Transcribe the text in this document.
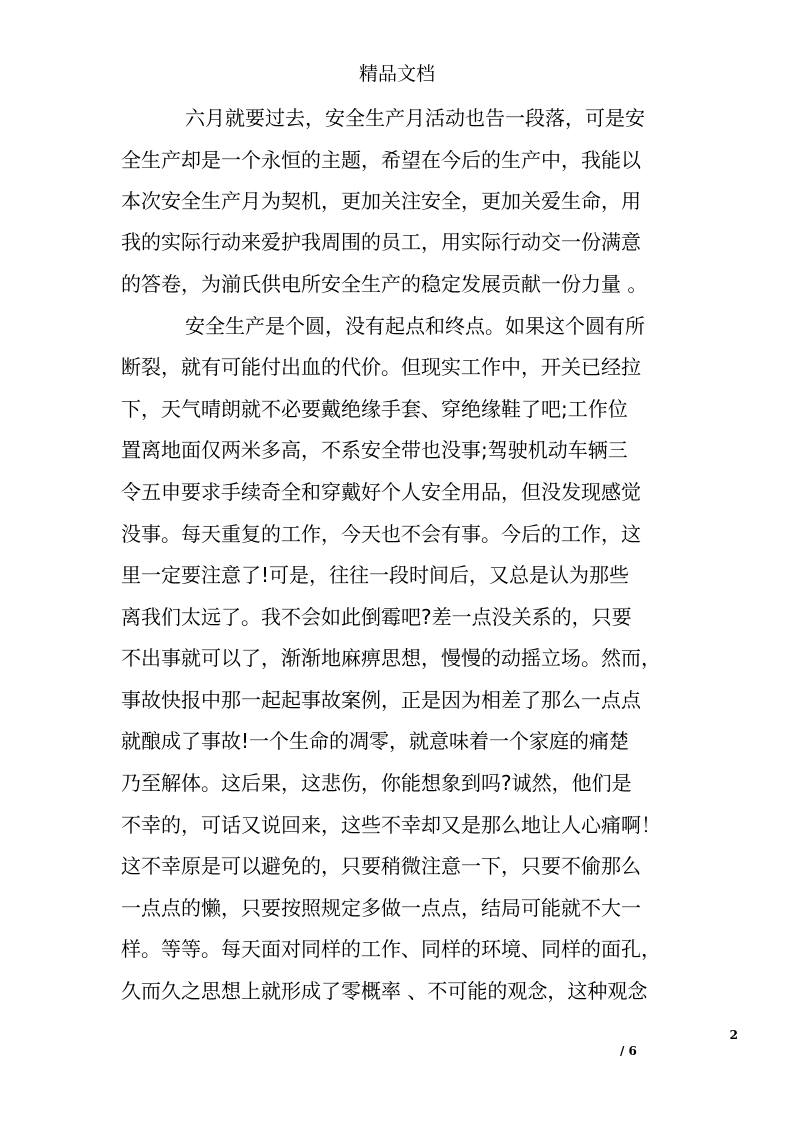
精品文档
六月就要过去，安全生产月活动也告一段落，可是安
全生产却是一个永恒的主题，希望在今后的生产中，我能以
本次安全生产月为契机，更加关注安全，更加关爱生命，用
我的实际行动来爱护我周围的员工，用实际行动交一份满意
的答卷，为湔氏供电所安全生产的稳定发展贡献一份力量 。
安全生产是个圆，没有起点和终点。如果这个圆有所
断裂，就有可能付出血的代价。但现实工作中，开关已经拉
下，天气晴朗就不必要戴绝缘手套、穿绝缘鞋了吧;工作位
置离地面仅两米多高，不系安全带也没事;驾驶机动车辆三
令五申要求手续奇全和穿戴好个人安全用品，但没发现感觉
没事。每天重复的工作，今天也不会有事。今后的工作，这
里一定要注意了!可是，往往一段时间后，又总是认为那些
离我们太远了。我不会如此倒霉吧?差一点没关系的，只要
不出事就可以了，渐渐地麻痹思想，慢慢的动摇立场。然而，
事故快报中那一起起事故案例，正是因为相差了那么一点点
就酿成了事故!一个生命的凋零，就意味着一个家庭的痛楚
乃至解体。这后果，这悲伤，你能想象到吗?诚然，他们是
不幸的，可话又说回来，这些不幸却又是那么地让人心痛啊！
这不幸原是可以避免的，只要稍微注意一下，只要不偷那么
一点点的懒，只要按照规定多做一点点，结局可能就不大一
样。等等。每天面对同样的工作、同样的环境、同样的面孔，
久而久之思想上就形成了零概率 、不可能的观念，这种观念
2
/ 6
